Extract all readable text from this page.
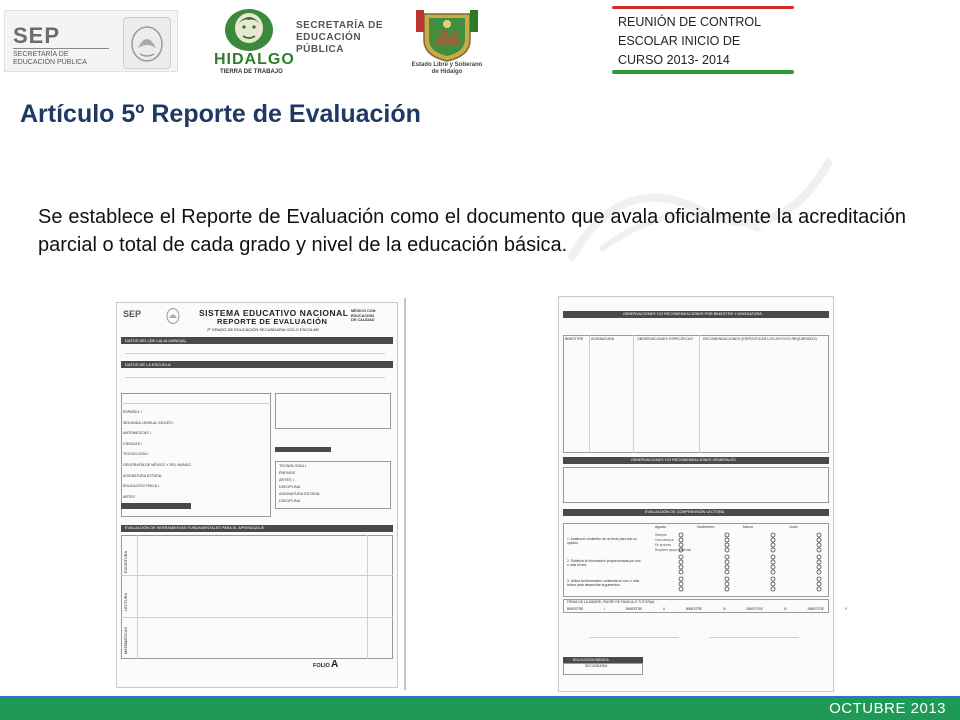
SEP
SECRETARÍA DE
EDUCACIÓN PÚBLICA	HIDALGO
TIERRA DE TRABAJO
SECRETARÍA DE
EDUCACIÓN
PÚBLICA
Estado Libre y Soberano
de Hidalgo
REUNIÓN DE CONTROL
ESCOLAR INICIO DE
CURSO 2013- 2014
Artículo 5º Reporte de Evaluación
Se establece el Reporte de Evaluación como el documento que avala oficialmente la acreditación parcial o total de cada grado y nivel de la educación básica.
SEP	SISTEMA EDUCATIVO NACIONAL
REPORTE DE EVALUACIÓN
2º GRADO DE EDUCACIÓN SECUNDARIA CICLO ESCOLAR
MÉXICO CON
EDUCACIÓN
DE CALIDAD
DATOS DEL (DE LA) ALUMNO(A)
DATOS DE LA ESCUELA
ESPAÑOL I
SEGUNDA LENGUA: INGLÉS I
MATEMÁTICAS I
CIENCIAS I
TECNOLOGÍA I
GEOGRAFÍA DE MÉXICO Y DEL MUNDO
ASIGNATURA ESTATAL
EDUCACIÓN FÍSICA I
ARTES
TECNOLOGÍA I
ÉNFASIS
ARTES I
DISCIPLINA
ASIGNATURA ESTATAL
DISCIPLINA
EVALUACIÓN DE HERRAMIENTAS FUNDAMENTALES PARA EL APRENDIZAJE
ESCRITURA
LECTURA
MATEMÁTICAS
FOLIO A
OBSERVACIONES Y/O RECOMENDACIONES POR BIMESTRE Y ASIGNATURA
BIMESTRE ASIGNATURA	OBSERVACIONES ESPECÍFICAS	RECOMENDACIONES (ESPECIFICAR LOS APOYOS REQUERIDOS)
OBSERVACIONES Y/O RECOMENDACIONES GENERALES
EVALUACIÓN DE COMPRENSIÓN LECTORA
Agosto	Noviembre	Marzo	Junio
1. Analiza el contenido de un texto para dar su opinión.
2. Sintetiza la información proporcionada por dos o más textos.
3. Utiliza la información contenida en uno o más textos para desarrollar argumentos.
Siempre
Casi siempre
En proceso
Requiere apoyo adicional
FIRMA DE LA MADRE, PADRE DE FAMILIA O TUTOR(A)
BIMESTRE I	BIMESTRE II	BIMESTRE III	BIMESTRE IV	BIMESTRE V
EDUCACIÓN BÁSICA
SECUNDARIA
OCTUBRE 2013
